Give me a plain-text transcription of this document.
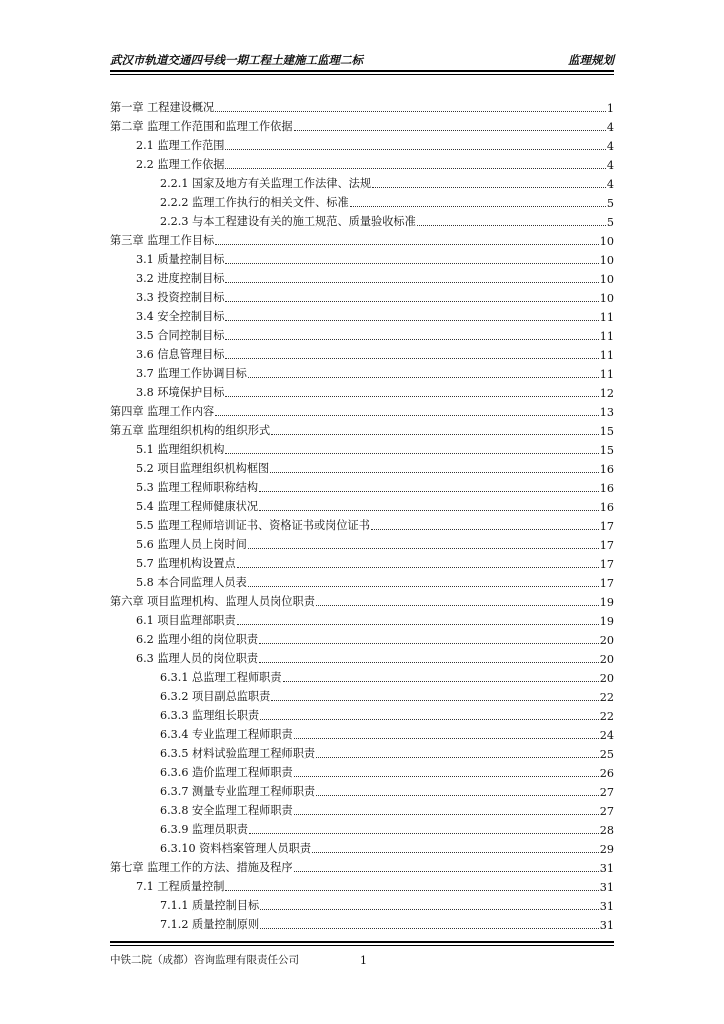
武汉市轨道交通四号线一期工程土建施工监理二标	监理规划
第一章 工程建设概况	1
第二章 监理工作范围和监理工作依据	4
2.1 监理工作范围	4
2.2 监理工作依据	4
2.2.1 国家及地方有关监理工作法律、法规	4
2.2.2 监理工作执行的相关文件、标准	5
2.2.3 与本工程建设有关的施工规范、质量验收标准	5
第三章 监理工作目标	10
3.1 质量控制目标	10
3.2 进度控制目标	10
3.3 投资控制目标	10
3.4 安全控制目标	11
3.5 合同控制目标	11
3.6 信息管理目标	11
3.7 监理工作协调目标	11
3.8 环境保护目标	12
第四章 监理工作内容	13
第五章 监理组织机构的组织形式	15
5.1 监理组织机构	15
5.2 项目监理组织机构框图	16
5.3 监理工程师职称结构	16
5.4 监理工程师健康状况	16
5.5 监理工程师培训证书、资格证书或岗位证书	17
5.6 监理人员上岗时间	17
5.7 监理机构设置点	17
5.8 本合同监理人员表	17
第六章 项目监理机构、监理人员岗位职责	19
6.1 项目监理部职责	19
6.2 监理小组的岗位职责	20
6.3 监理人员的岗位职责	20
6.3.1 总监理工程师职责	20
6.3.2 项目副总监职责	22
6.3.3 监理组长职责	22
6.3.4 专业监理工程师职责	24
6.3.5 材料试验监理工程师职责	25
6.3.6 造价监理工程师职责	26
6.3.7 测量专业监理工程师职责	27
6.3.8 安全监理工程师职责	27
6.3.9 监理员职责	28
6.3.10 资料档案管理人员职责	29
第七章 监理工作的方法、措施及程序	31
7.1 工程质量控制	31
7.1.1 质量控制目标	31
7.1.2 质量控制原则	31
中铁二院（成都）咨询监理有限责任公司	1
